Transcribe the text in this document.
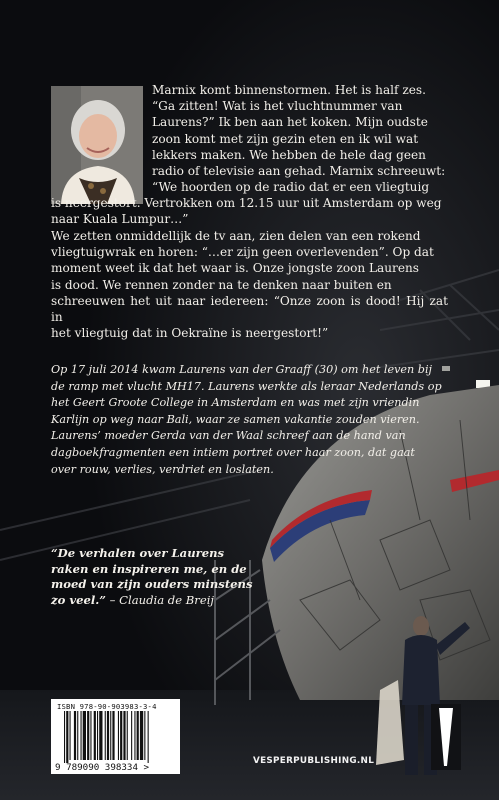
Marnix komt binnenstormen. Het is half zes.
“Ga zitten! Wat is het vluchtnummer van
Laurens?” Ik ben aan het koken. Mijn oudste
zoon komt met zijn gezin eten en ik wil wat
lekkers maken. We hebben de hele dag geen
radio of televisie aan gehad. Marnix schreeuwt:
“We hoorden op de radio dat er een vliegtuig

is neergestort. Vertrokken om 12.15 uur uit Amsterdam op weg
naar Kuala Lumpur…”

We zetten onmiddellijk de tv aan, zien delen van een rokend
vliegtuigwrak en horen: “…er zijn geen overlevenden”. Op dat
moment weet ik dat het waar is. Onze jongste zoon Laurens
is dood. We rennen zonder na te denken naar buiten en
schreeuwen het uit naar iedereen: “Onze zoon is dood! Hij zat in
het vliegtuig dat in Oekraïne is neergestort!”

Op 17 juli 2014 kwam Laurens van der Graaff (30) om het leven bij
de ramp met vlucht MH17. Laurens werkte als leraar Nederlands op
het Geert Groote College in Amsterdam en was met zijn vriendin
Karlijn op weg naar Bali, waar ze samen vakantie zouden vieren.
Laurens’ moeder Gerda van der Waal schreef aan de hand van
dagboekfragmenten een intiem portret over haar zoon, dat gaat
over rouw, verlies, verdriet en loslaten.

“De verhalen over Laurens
raken en inspireren me, en de
moed van zijn ouders minstens
zo veel.” – Claudia de Breij

ISBN 978-90-903983-3-4
9 789090 398334 >
VESPERPUBLISHING.NL
